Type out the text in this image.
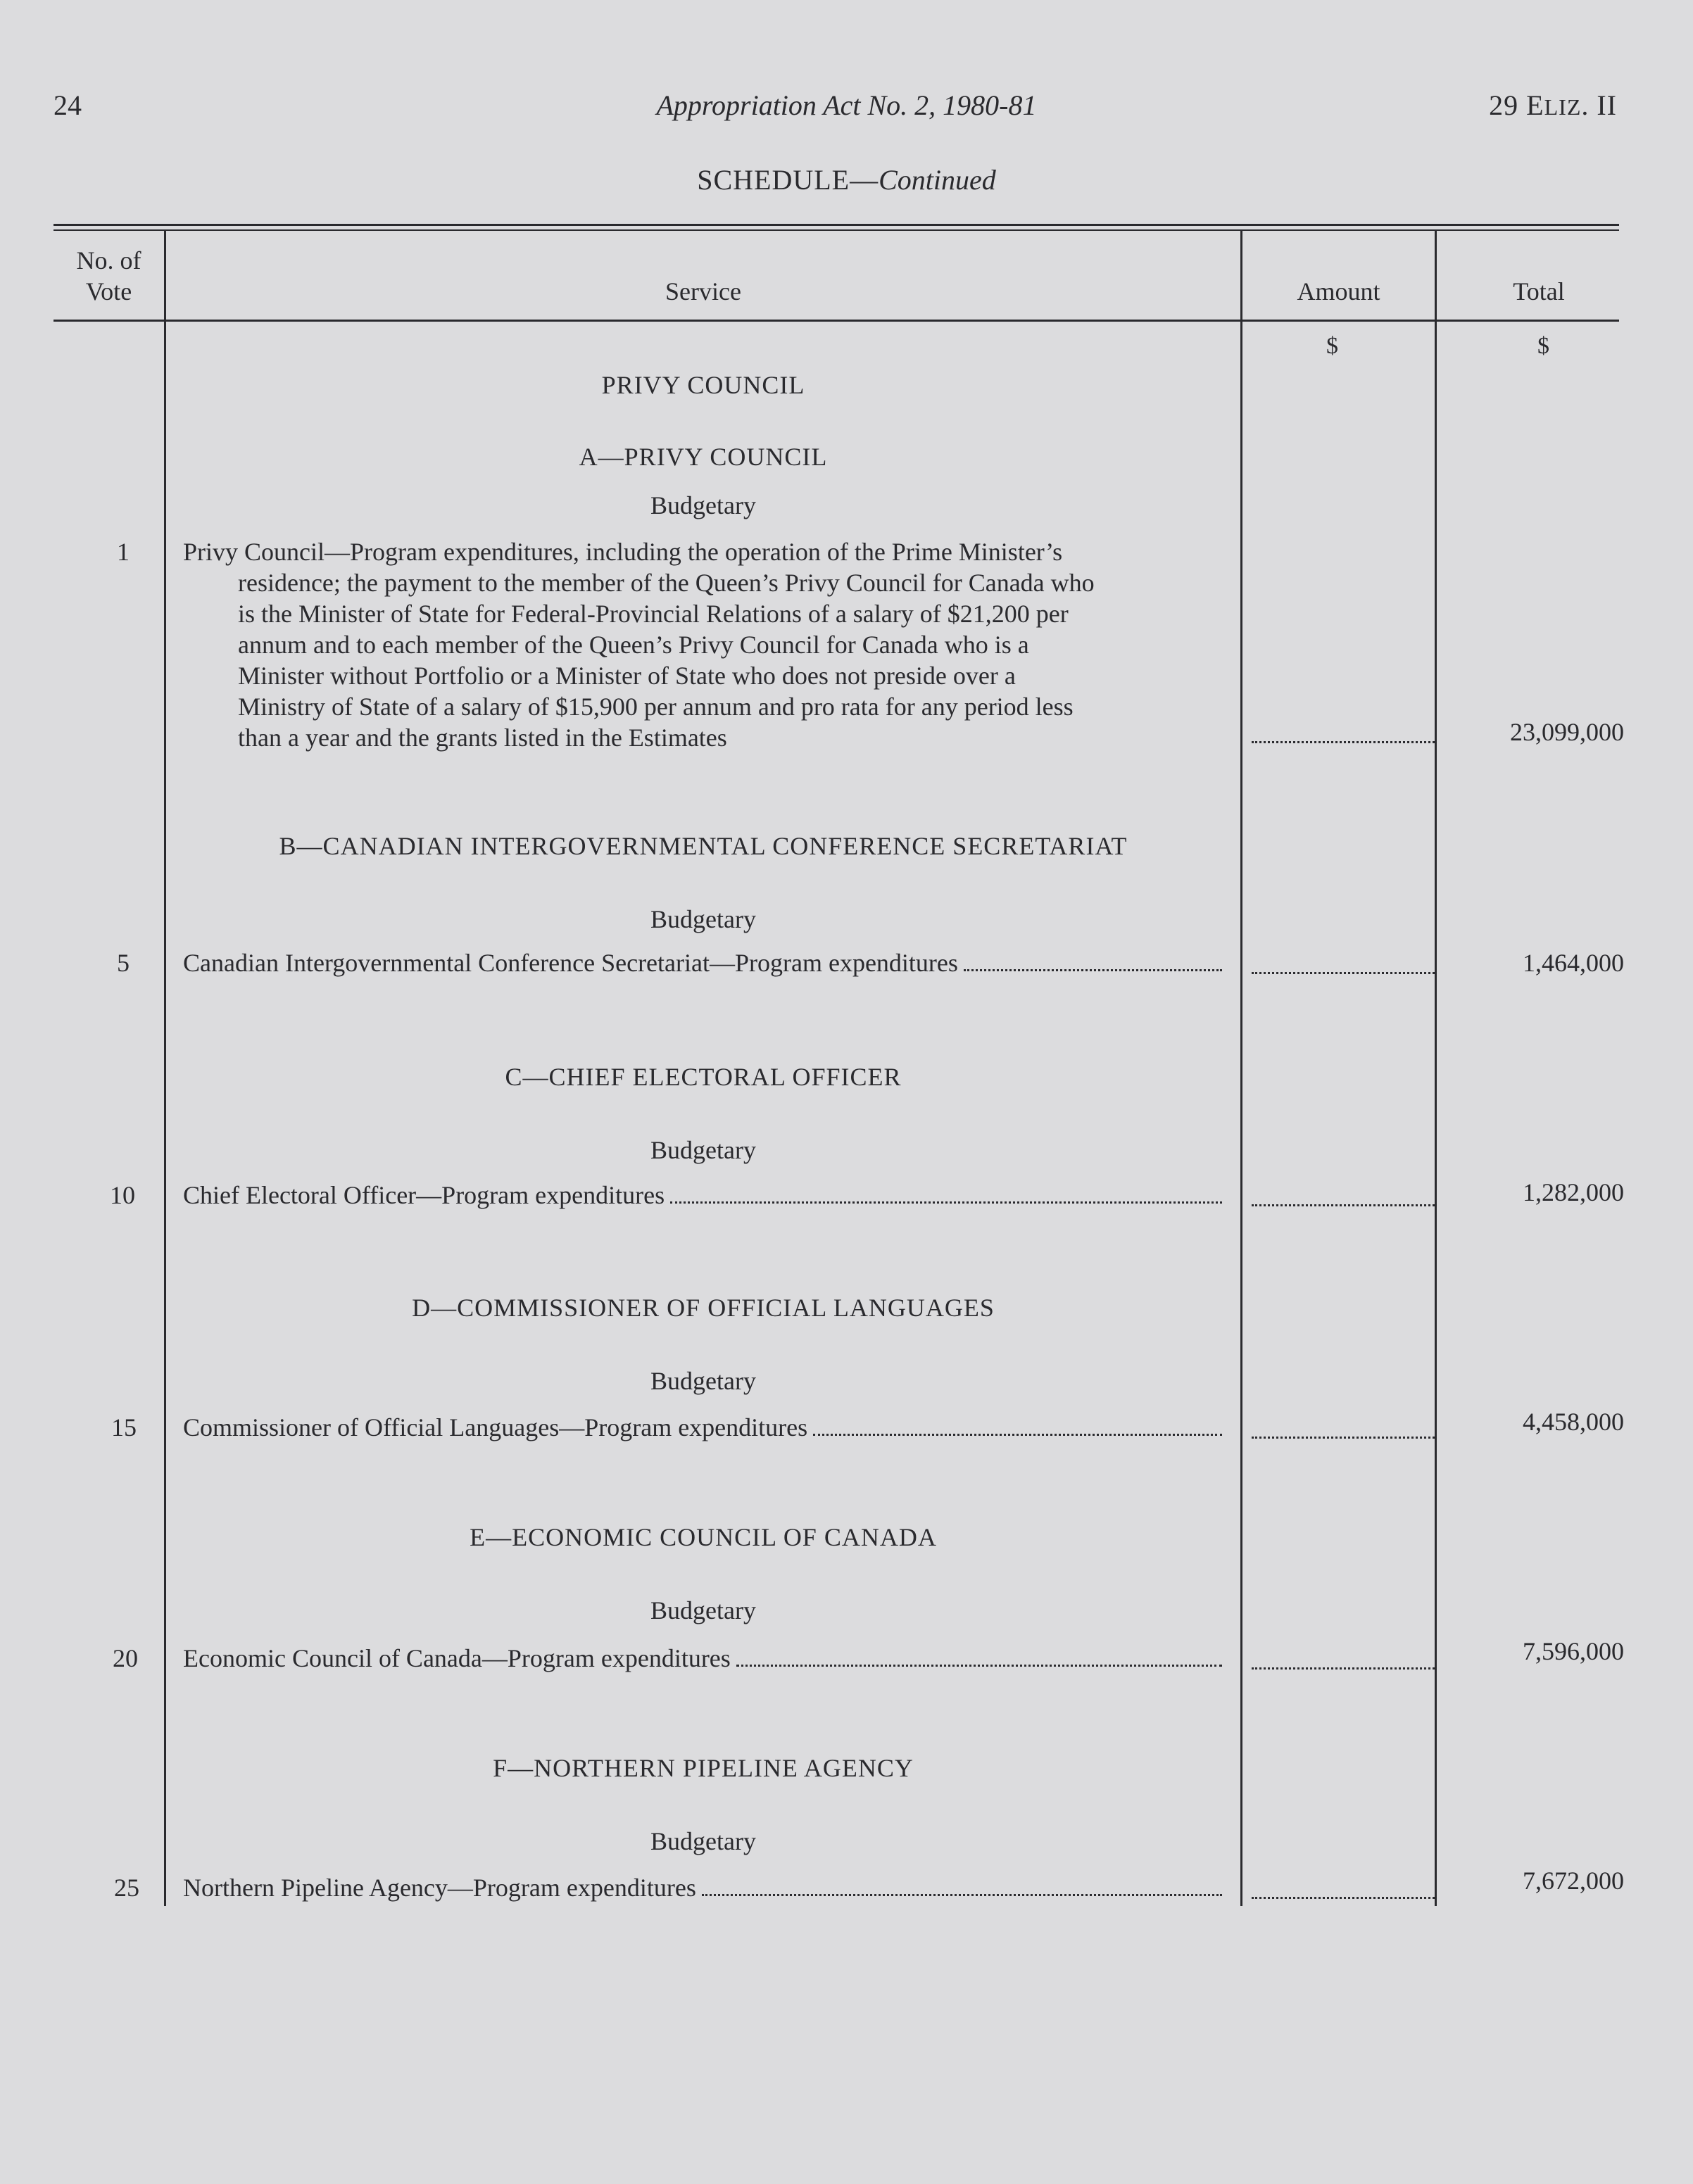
24	Appropriation Act No. 2, 1980-81	29 ELIZ. II
SCHEDULE—Continued
No. of
Vote	Service	Amount	Total
$	$
PRIVY COUNCIL
A—PRIVY COUNCIL
Budgetary
1 Privy Council—Program expenditures, including the operation of the Prime Minister’s
residence; the payment to the member of the Queen’s Privy Council for Canada who
is the Minister of State for Federal-Provincial Relations of a salary of $21,200 per
annum and to each member of the Queen’s Privy Council for Canada who is a
Minister without Portfolio or a Minister of State who does not preside over a
Ministry of State of a salary of $15,900 per annum and pro rata for any period less
than a year and the grants listed in the Estimates	23,099,000
B—CANADIAN INTERGOVERNMENTAL CONFERENCE SECRETARIAT
Budgetary
5 Canadian Intergovernmental Conference Secretariat—Program expenditures	1,464,000
C—CHIEF ELECTORAL OFFICER
Budgetary
10 Chief Electoral Officer—Program expenditures	1,282,000
D—COMMISSIONER OF OFFICIAL LANGUAGES
Budgetary
15 Commissioner of Official Languages—Program expenditures	4,458,000
E—ECONOMIC COUNCIL OF CANADA
Budgetary
20 Economic Council of Canada—Program expenditures	7,596,000
F—NORTHERN PIPELINE AGENCY
Budgetary
25 Northern Pipeline Agency—Program expenditures	7,672,000
